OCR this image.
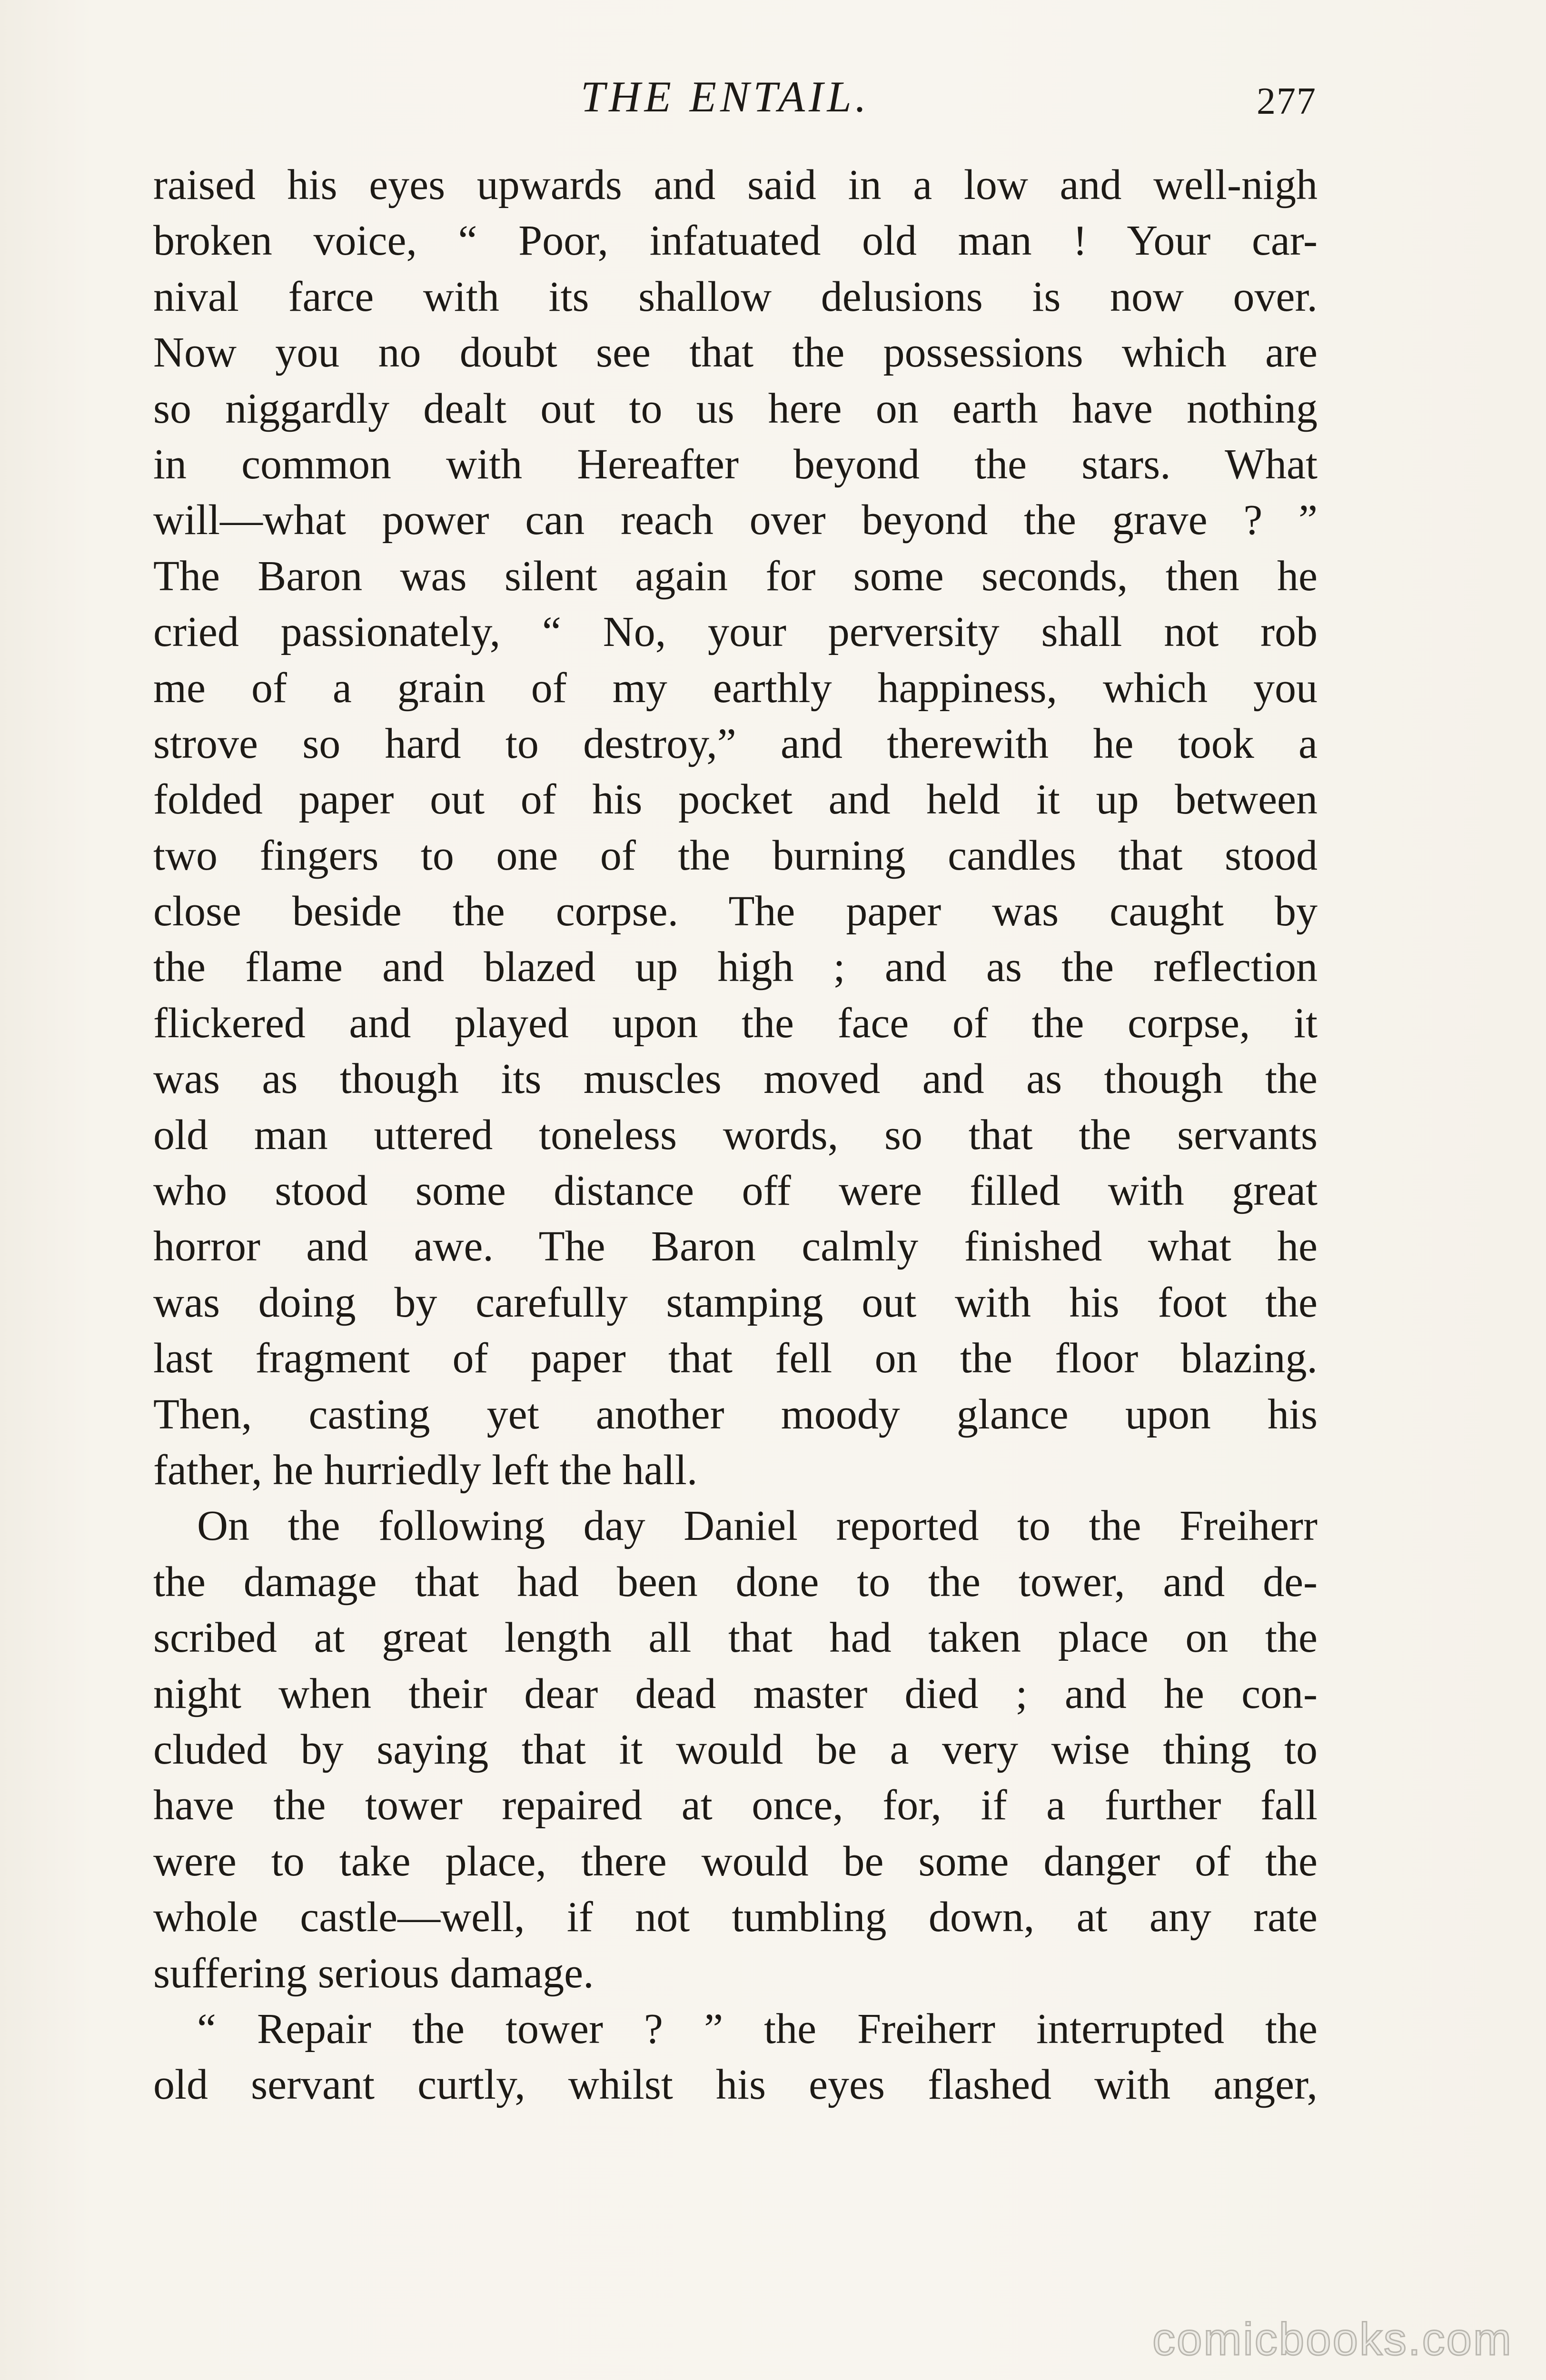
THE ENTAIL.	277
raised his eyes upwards and said in a low and well-nigh
broken voice, “ Poor, infatuated old man ! Your car-
nival farce with its shallow delusions is now over.
Now you no doubt see that the possessions which are
so niggardly dealt out to us here on earth have nothing
in common with Hereafter beyond the stars. What
will—what power can reach over beyond the grave ? ”
The Baron was silent again for some seconds, then he
cried passionately, “ No, your perversity shall not rob
me of a grain of my earthly happiness, which you
strove so hard to destroy,” and therewith he took a
folded paper out of his pocket and held it up between
two fingers to one of the burning candles that stood
close beside the corpse. The paper was caught by
the flame and blazed up high ; and as the reflection
flickered and played upon the face of the corpse, it
was as though its muscles moved and as though the
old man uttered toneless words, so that the servants
who stood some distance off were filled with great
horror and awe. The Baron calmly finished what he
was doing by carefully stamping out with his foot the
last fragment of paper that fell on the floor blazing.
Then, casting yet another moody glance upon his
father, he hurriedly left the hall.
On the following day Daniel reported to the Freiherr
the damage that had been done to the tower, and de-
scribed at great length all that had taken place on the
night when their dear dead master died ; and he con-
cluded by saying that it would be a very wise thing to
have the tower repaired at once, for, if a further fall
were to take place, there would be some danger of the
whole castle—well, if not tumbling down, at any rate
suffering serious damage.
“ Repair the tower ? ” the Freiherr interrupted the
old servant curtly, whilst his eyes flashed with anger,
comicbooks.com
